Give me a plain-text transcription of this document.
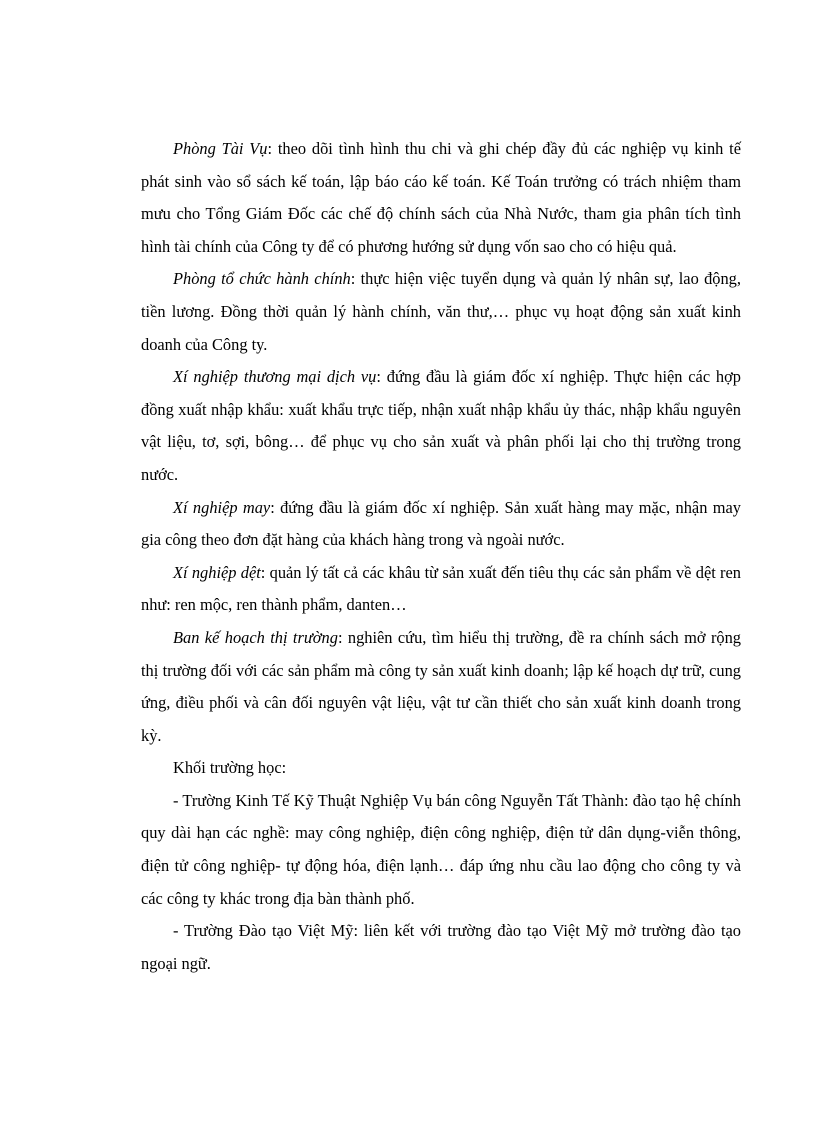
Phòng Tài Vụ: theo dõi tình hình thu chi và ghi chép đầy đủ các nghiệp vụ kinh tế phát sinh vào sổ sách kế toán, lập báo cáo kế toán. Kế Toán trưởng có trách nhiệm tham mưu cho Tổng Giám Đốc các chế độ chính sách của Nhà Nước, tham gia phân tích tình hình tài chính của Công ty để có phương hướng sử dụng vốn sao cho có hiệu quả.

Phòng tổ chức hành chính: thực hiện việc tuyển dụng và quản lý nhân sự, lao động, tiền lương. Đồng thời quản lý hành chính, văn thư,… phục vụ hoạt động sản xuất kinh doanh của Công ty.

Xí nghiệp thương mại dịch vụ: đứng đầu là giám đốc xí nghiệp. Thực hiện các hợp đồng xuất nhập khẩu: xuất khẩu trực tiếp, nhận xuất nhập khẩu ủy thác, nhập khẩu nguyên vật liệu, tơ, sợi, bông… để phục vụ cho sản xuất và phân phối lại cho thị trường trong nước.

Xí nghiệp may: đứng đầu là giám đốc xí nghiệp. Sản xuất hàng may mặc, nhận may gia công theo đơn đặt hàng của khách hàng trong và ngoài nước.

Xí nghiệp dệt: quản lý tất cả các khâu từ sản xuất đến tiêu thụ các sản phẩm về dệt ren như: ren mộc, ren thành phẩm, danten…

Ban kế hoạch thị trường: nghiên cứu, tìm hiểu thị trường, đề ra chính sách mở rộng thị trường đối với các sản phẩm mà công ty sản xuất kinh doanh; lập kế hoạch dự trữ, cung ứng, điều phối và cân đối nguyên vật liệu, vật tư cần thiết cho sản xuất kinh doanh trong kỳ.

Khối trường học:

- Trường Kinh Tế Kỹ Thuật Nghiệp Vụ bán công Nguyễn Tất Thành: đào tạo hệ chính quy dài hạn các nghề: may công nghiệp, điện công nghiệp, điện tử dân dụng-viễn thông, điện tử công nghiệp- tự động hóa, điện lạnh… đáp ứng nhu cầu lao động cho công ty và các công ty khác trong địa bàn thành phố.

- Trường Đào tạo Việt Mỹ: liên kết với trường đào tạo Việt Mỹ mở trường đào tạo ngoại ngữ.
